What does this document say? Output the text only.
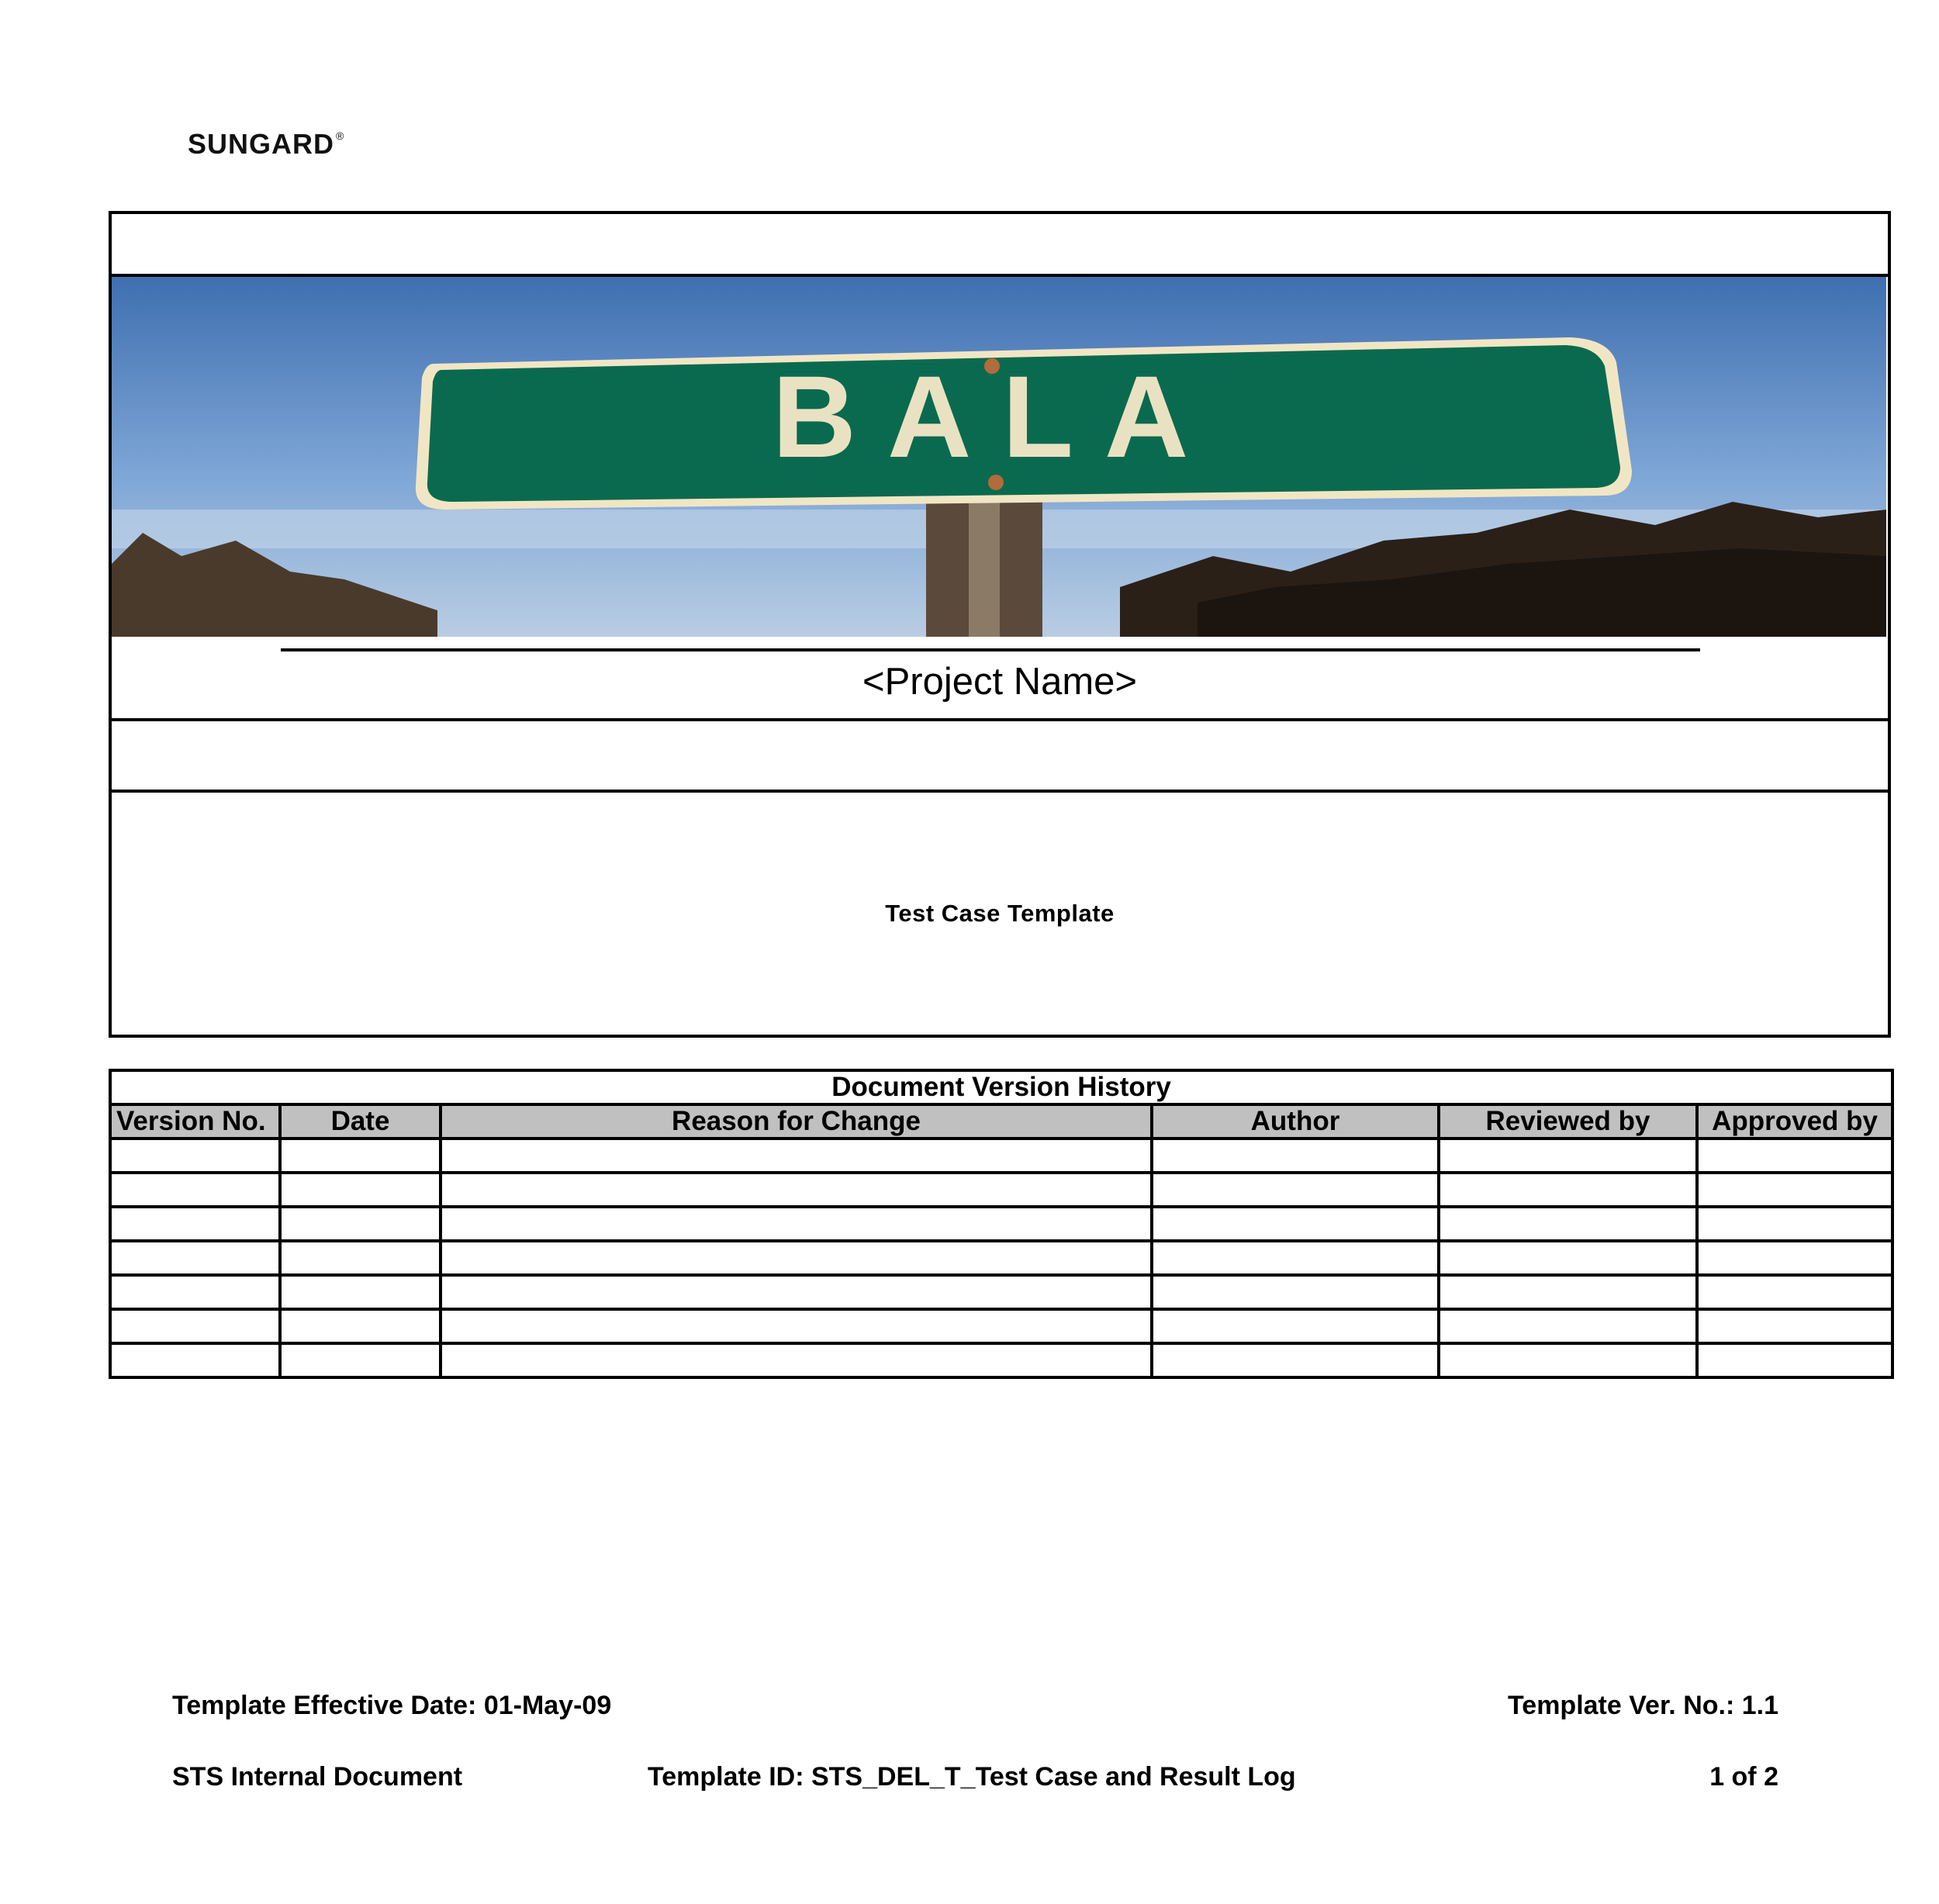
SUNGARD ®
BALA
<Project Name>
Test Case Template
Document Version History					
Version No.	Date	Reason for Change	Author	Reviewed by	Approved by

Template Effective Date: 01-May-09	Template Ver. No.: 1.1
STS Internal Document	Template ID: STS_DEL_T_Test Case and Result Log	1 of 2
